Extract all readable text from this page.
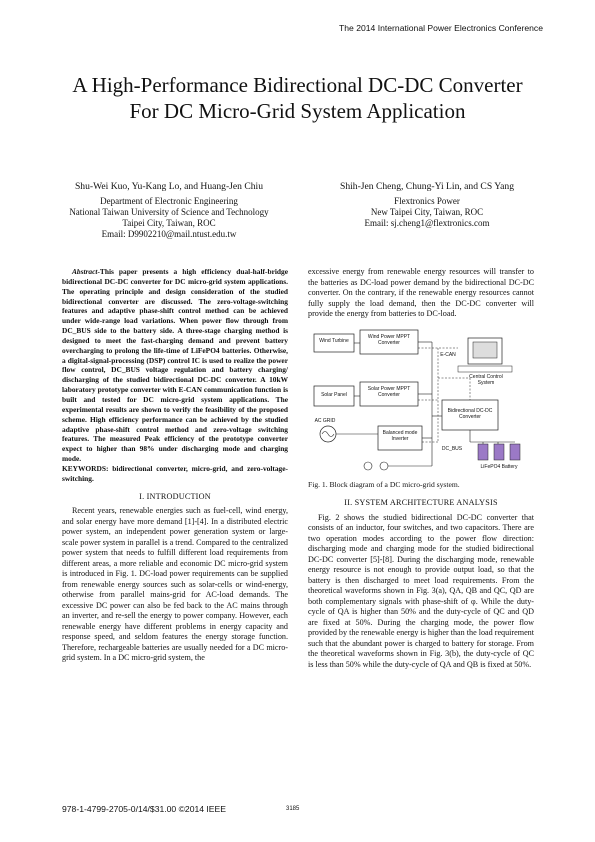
The 2014 International Power Electronics Conference
A High-Performance Bidirectional DC-DC Converter For DC Micro-Grid System Application
Shu-Wei Kuo, Yu-Kang Lo, and Huang-Jen Chiu
Department of Electronic Engineering
National Taiwan University of Science and Technology
Taipei City, Taiwan, ROC
Email: D9902210@mail.ntust.edu.tw
Shih-Jen Cheng, Chung-Yi Lin, and CS Yang
Flextronics Power
New Taipei City, Taiwan, ROC
Email: sj.cheng1@flextronics.com

Abstract-This paper presents a high efficiency dual-half-bridge bidirectional DC-DC converter for DC micro-grid system applications. The operating principle and design consideration of the studied bidirectional converter are discussed. The zero-voltage-switching features and adaptive phase-shift control method can be achieved under wide-range load variations. When power flow through from DC_BUS side to the battery side. A three-stage charging method is designed to meet the fast-charging demand and prevent battery overcharging to prolong the life-time of LiFePO4 batteries. Otherwise, a digital-signal-processing (DSP) control IC is used to realize the power flow control, DC_BUS voltage regulation and battery charging/ discharging of the studied bidirectional DC-DC converter. A 10kW laboratory prototype converter with E-CAN communication function is built and tested for DC micro-grid system applications. The experimental results are shown to verify the feasibility of the proposed scheme. High efficiency performance can be achieved by the studied adaptive phase-shift control method and zero-voltage switching features. The measured Peak efficiency of the prototype converter expect to higher than 98% under discharging mode and charging mode.

KEYWORDS: bidirectional converter, micro-grid, and zero-voltage-switching.

I. INTRODUCTION

Recent years, renewable energies such as fuel-cell, wind energy, and solar energy have more demand [1]-[4]. In a distributed electric power system, an independent power generation system or large-scale power system in parallel is a trend. Compared to the centralized power system that needs to fulfill different load requirements from different areas, a more reliable and economic DC micro-grid system is introduced in Fig. 1. DC-load power requirements can be supplied from renewable energy sources such as solar-cells or wind-energy, otherwise from parallel mains-grid for AC-load demands. The excessive DC power can also be fed back to the AC mains through an inverter, and re-sell the energy to power company. However, each renewable energy have different problems in energy capacity and response speed, and seldom features the energy storage function. Therefore, rechargeable batteries are usually needed for a DC micro-grid system. In a DC micro-grid system, the

excessive energy from renewable energy resources will transfer to the batteries as DC-load power demand by the bidirectional DC-DC converter. On the contrary, if the renewable energy resources cannot fully supply the load demand, then the DC-DC converter will provide the energy from batteries to DC-load.

Wind Turbine
Wind Power MPPT Converter
Solar Panel
Solar Power MPPT Converter
E-CAN
Central Control System
Bidirectional DC-DC Converter
AC GRID
Balanced mode Inverter
DC_BUS
LiFePO4 Battery
Fig. 1. Block diagram of a DC micro-grid system.
II. SYSTEM ARCHITECTURE ANALYSIS

Fig. 2 shows the studied bidirectional DC-DC converter that consists of an inductor, four switches, and two capacitors. There are two operation modes according to the power flow direction: discharging mode and charging mode for the studied bidirectional DC-DC converter [5]-[8]. During the discharging mode, renewable energy resource is not enough to provide output load, so that the battery is then discharged to meet load requirements. From the theoretical waveforms shown in Fig. 3(a), QA, QB and QC, QD are both complementary signals with phase-shift of φ. While the duty-cycle of QA is higher than 50% and the duty-cycle of QC and QD are fixed at 50%. During the charging mode, the power flow provided by the renewable energy is higher than the load requirement such that the abundant power is charged to battery for storage. From the theoretical waveforms shown in Fig. 3(b), the duty-cycle of QC is less than 50% while the duty-cycle of QA and QB is fixed at 50%.

978-1-4799-2705-0/14/$31.00 ©2014 IEEE	3185
